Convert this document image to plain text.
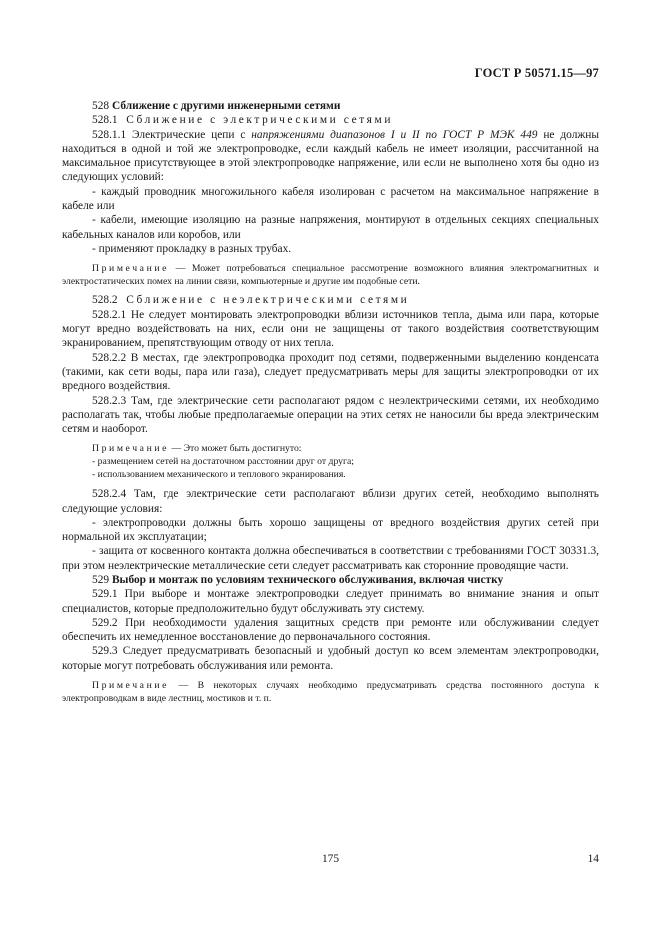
ГОСТ Р 50571.15—97

528 Сближение с другими инженерными сетями

528.1 Сближение с электрическими сетями

528.1.1 Электрические цепи с напряжениями диапазонов I и II по ГОСТ Р МЭК 449 не должны находиться в одной и той же электропроводке, если каждый кабель не имеет изоляции, рассчитанной на максимальное присутствующее в этой электропроводке напряжение, или если не выполнено хотя бы одно из следующих условий:

- каждый проводник многожильного кабеля изолирован с расчетом на максимальное напряжение в кабеле или

- кабели, имеющие изоляцию на разные напряжения, монтируют в отдельных секциях специальных кабельных каналов или коробов, или

- применяют прокладку в разных трубах.

Примечание — Может потребоваться специальное рассмотрение возможного влияния электромагнитных и электростатических помех на линии связи, компьютерные и другие им подобные сети.

528.2 Сближение с неэлектрическими сетями

528.2.1 Не следует монтировать электропроводки вблизи источников тепла, дыма или пара, которые могут вредно воздействовать на них, если они не защищены от такого воздействия соответствующим экранированием, препятствующим отводу от них тепла.

528.2.2 В местах, где электропроводка проходит под сетями, подверженными выделению конденсата (такими, как сети воды, пара или газа), следует предусматривать меры для защиты электропроводки от их вредного воздействия.

528.2.3 Там, где электрические сети располагают рядом с неэлектрическими сетями, их необходимо располагать так, чтобы любые предполагаемые операции на этих сетях не наносили бы вреда электрическим сетям и наоборот.

Примечание — Это может быть достигнуто:

- размещением сетей на достаточном расстоянии друг от друга;

- использованием механического и теплового экранирования.

528.2.4 Там, где электрические сети располагают вблизи других сетей, необходимо выполнять следующие условия:

- электропроводки должны быть хорошо защищены от вредного воздействия других сетей при нормальной их эксплуатации;

- защита от косвенного контакта должна обеспечиваться в соответствии с требованиями ГОСТ 30331.3, при этом неэлектрические металлические сети следует рассматривать как сторонние проводящие части.

529 Выбор и монтаж по условиям технического обслуживания, включая чистку

529.1 При выборе и монтаже электропроводки следует принимать во внимание знания и опыт специалистов, которые предположительно будут обслуживать эту систему.

529.2 При необходимости удаления защитных средств при ремонте или обслуживании следует обеспечить их немедленное восстановление до первоначального состояния.

529.3 Следует предусматривать безопасный и удобный доступ ко всем элементам электропроводки, которые могут потребовать обслуживания или ремонта.

Примечание — В некоторых случаях необходимо предусматривать средства постоянного доступа к электропроводкам в виде лестниц, мостиков и т. п.

175	14
